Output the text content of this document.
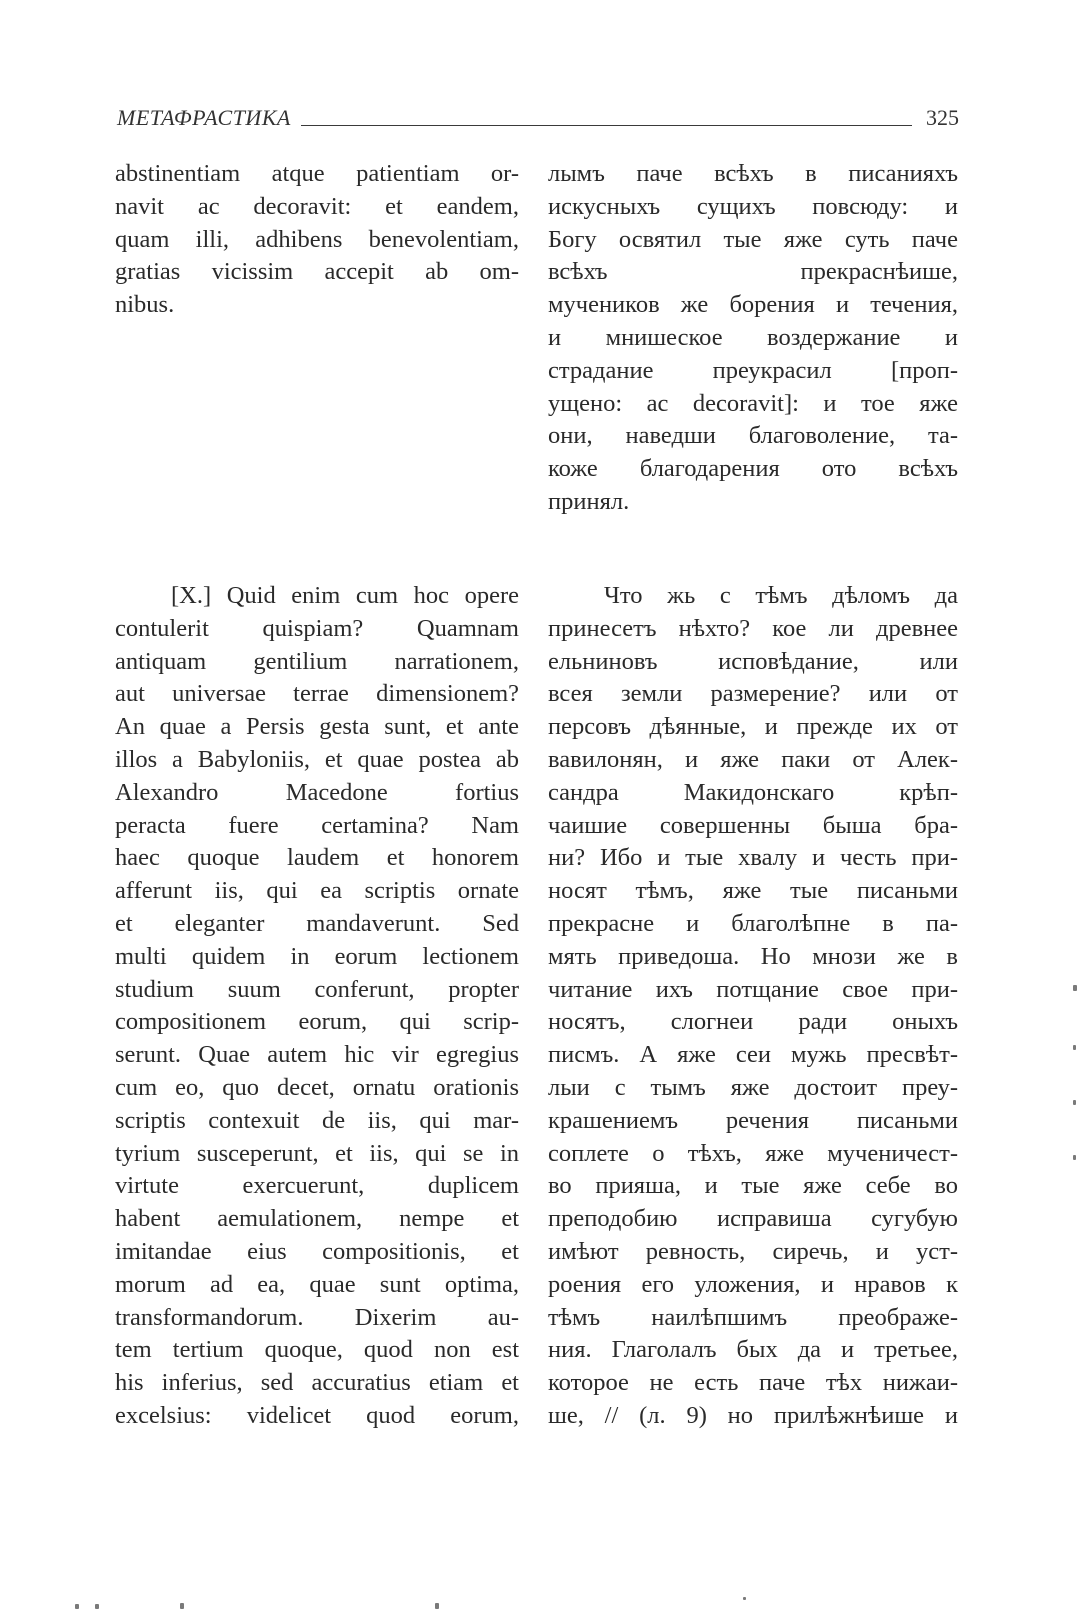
МЕТАФРАСТИКА	325
abstinentiam atque patientiam or-
navit ac decoravit: et eandem,
quam illi, adhibens benevolentiam,
gratias vicissim accepit ab om-
nibus.
лымъ паче всѣхъ в писанияхъ
искусныхъ сущихъ повсюду: и
Богу освятил тые яже суть паче
всѣхъ прекраснѣише,
мучеников же борения и течения,
и мнишеское воздержание и
страдание преукрасил [проп-
ущено: ac decoravit]: и тое яже
они, наведши благоволение, та-
коже благодарения ото всѣхъ
принял.
[X.] Quid enim cum hoc opere
contulerit quispiam? Quamnam
antiquam gentilium narrationem,
aut universae terrae dimensionem?
An quae a Persis gesta sunt, et ante
illos a Babyloniis, et quae postea ab
Alexandro Macedone fortius
peracta fuere certamina? Nam
haec quoque laudem et honorem
afferunt iis, qui ea scriptis ornate
et eleganter mandaverunt. Sed
multi quidem in eorum lectionem
studium suum conferunt, propter
compositionem eorum, qui scrip-
serunt. Quae autem hic vir egregius
cum eo, quo decet, ornatu orationis
scriptis contexuit de iis, qui mar-
tyrium susceperunt, et iis, qui se in
virtute exercuerunt, duplicem
habent aemulationem, nempe et
imitandae eius compositionis, et
morum ad ea, quae sunt optima,
transformandorum. Dixerim au-
tem tertium quoque, quod non est
his inferius, sed accuratius etiam et
excelsius: videlicet quod eorum,
Что жь с тѣмъ дѣломъ да
принесетъ нѣхто? кое ли древнее
ельниновъ исповѣдание, или
всея земли размерение? или от
персовъ дѣянные, и прежде их от
вавилонян, и яже паки от Алек-
сандра Макидонскаго крѣп-
чаишие совершенны быша бра-
ни? Ибо и тые хвалу и честь при-
носят тѣмъ, яже тые писаньми
прекрасне и благолѣпне в па-
мять приведоша. Но мнози же в
читание ихъ потщание свое при-
носятъ, слогнеи ради оныхъ
писмъ. А яже сеи мужь пресвѣт-
лыи с тымъ яже достоит преу-
крашениемъ речения писаньми
соплете о тѣхъ, яже мученичест-
во прияша, и тые яже себе во
преподобию исправиша сугубую
имѣют ревность, сиречь, и уст-
роения его уложения, и нравов к
тѣмъ наилѣпшимъ преображе-
ния. Глаголалъ бых да и третьее,
которое не есть паче тѣх нижаи-
ше, // (л. 9) но прилѣжнѣише и
